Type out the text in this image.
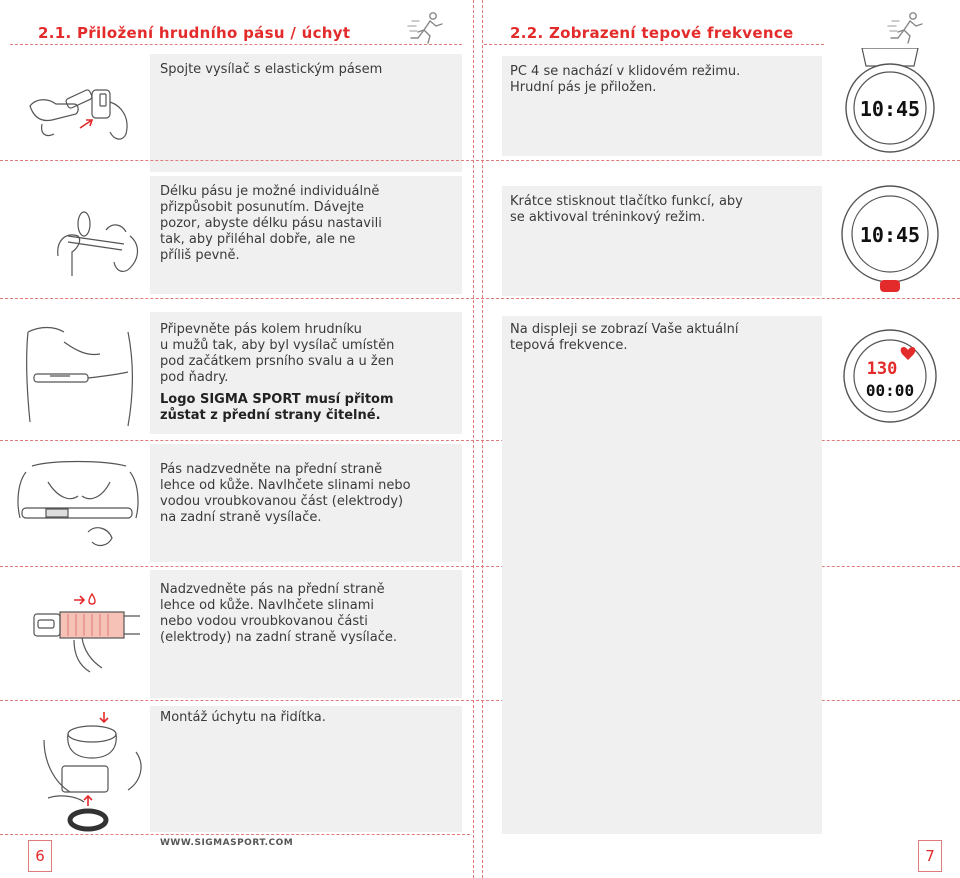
2.1. Přiložení hrudního pásu / úchyt
Spojte vysílač s elastickým pásem
Délku pásu je možné individuálně
přizpůsobit posunutím. Dávejte
pozor, abyste délku pásu nastavili
tak, aby přiléhal dobře, ale ne
příliš pevně.
Připevněte pás kolem hrudníku
u mužů tak, aby byl vysílač umístěn
pod začátkem prsního svalu a u žen
pod ňadry.
Logo SIGMA SPORT musí přitom
zůstat z přední strany čitelné.
Pás nadzvedněte na přední straně
lehce od kůže. Navlhčete slinami nebo
vodou vroubkovanou část (elektrody)
na zadní straně vysílače.
Nadzvedněte pás na přední straně
lehce od kůže. Navlhčete slinami
nebo vodou vroubkovanou části
(elektrody) na zadní straně vysílače.
Montáž úchytu na řidítka.
WWW.SIGMASPORT.COM
6
2.2. Zobrazení tepové frekvence
PC 4 se nachází v klidovém režimu.
Hrudní pás je přiložen.
Krátce stisknout tlačítko funkcí, aby
se aktivoval tréninkový režim.
Na displeji se zobrazí Vaše aktuální
tepová frekvence.
10:45
10:45
130
00:00
7
